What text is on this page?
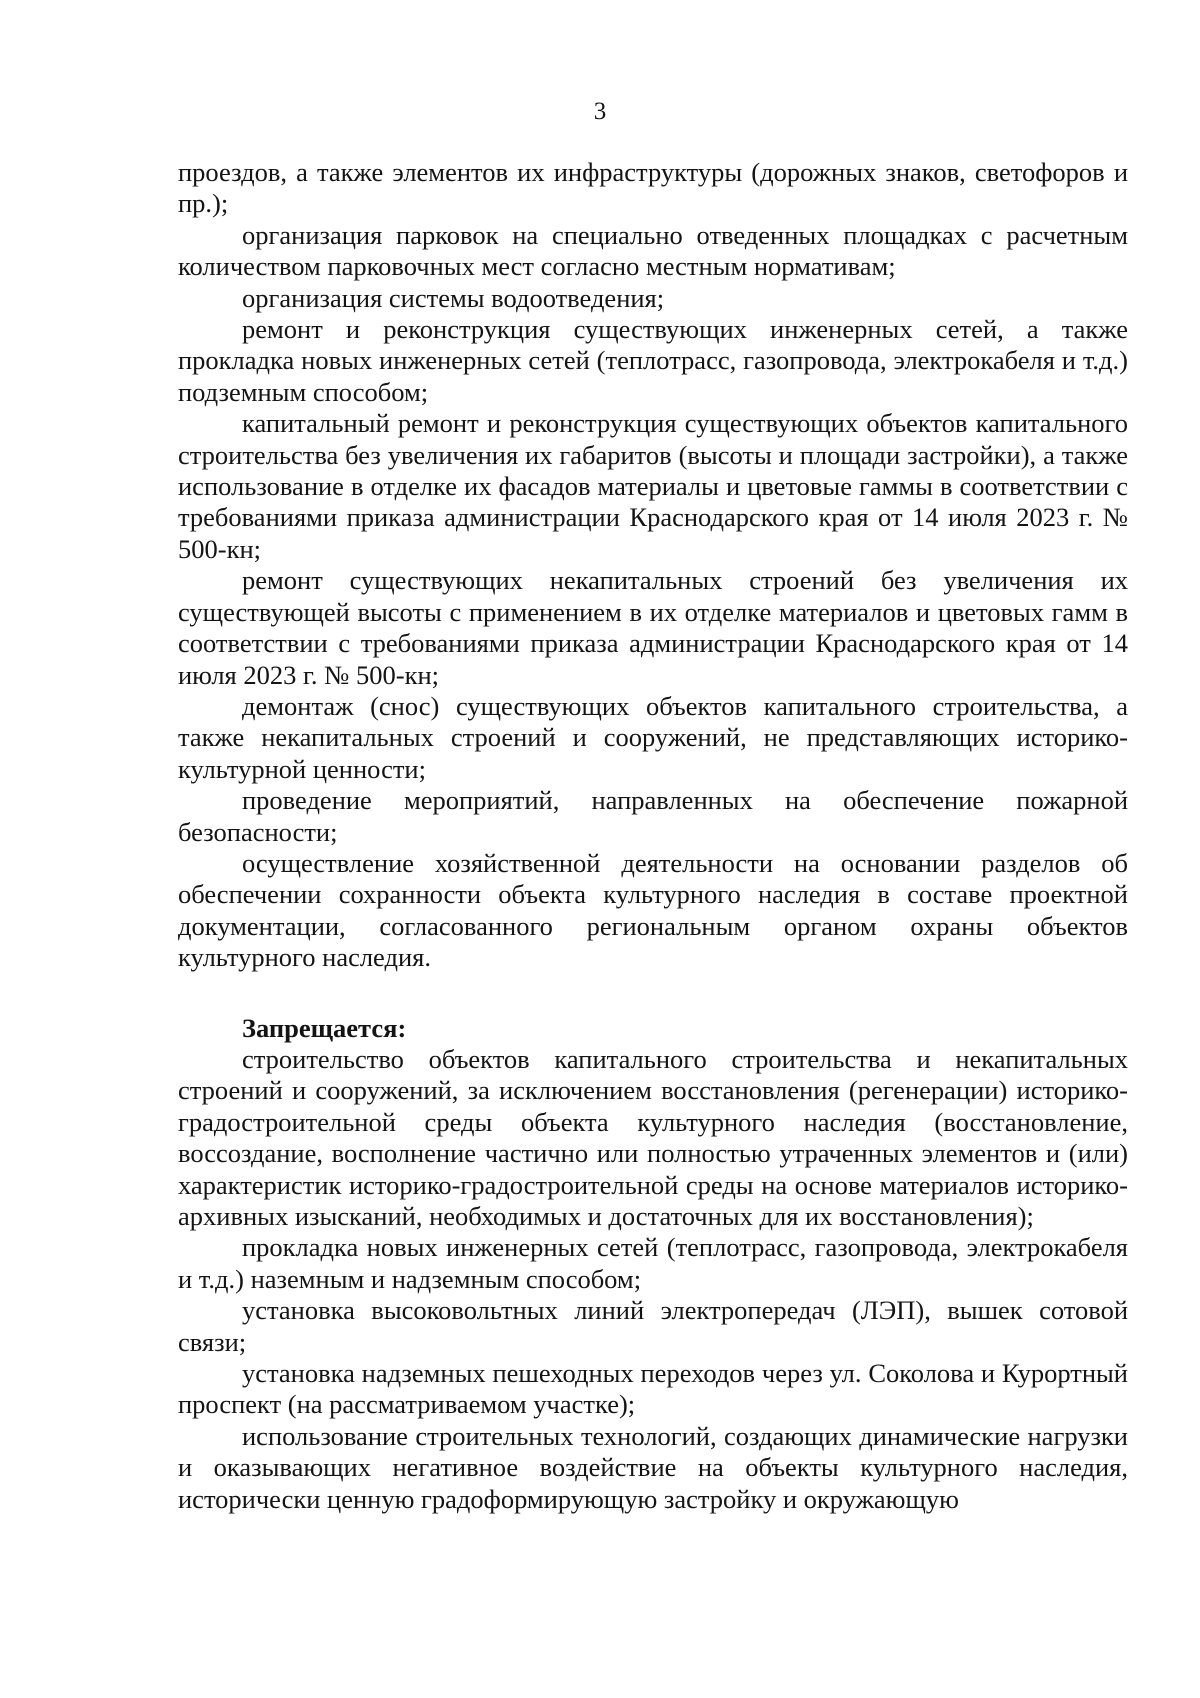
3

проездов, а также элементов их инфраструктуры (дорожных знаков, светофоров и пр.);

организация парковок на специально отведенных площадках с расчетным количеством парковочных мест согласно местным нормативам;

организация системы водоотведения;

ремонт и реконструкция существующих инженерных сетей, а также прокладка новых инженерных сетей (теплотрасс, газопровода, электрокабеля и т.д.) подземным способом;

капитальный ремонт и реконструкция существующих объектов капитального строительства без увеличения их габаритов (высоты и площади застройки), а также использование в отделке их фасадов материалы и цветовые гаммы в соответствии с требованиями приказа администрации Краснодарского края от 14 июля 2023 г. № 500-кн;

ремонт существующих некапитальных строений без увеличения их существующей высоты с применением в их отделке материалов и цветовых гамм в соответствии с требованиями приказа администрации Краснодарского края от 14 июля 2023 г. № 500-кн;

демонтаж (снос) существующих объектов капитального строительства, а также некапитальных строений и сооружений, не представляющих историко-культурной ценности;

проведение мероприятий, направленных на обеспечение пожарной безопасности;

осуществление хозяйственной деятельности на основании разделов об обеспечении сохранности объекта культурного наследия в составе проектной документации, согласованного региональным органом охраны объектов культурного наследия.

Запрещается:

строительство объектов капитального строительства и некапитальных строений и сооружений, за исключением восстановления (регенерации) историко-градостроительной среды объекта культурного наследия (восстановление, воссоздание, восполнение частично или полностью утраченных элементов и (или) характеристик историко-градостроительной среды на основе материалов историко-архивных изысканий, необходимых и достаточных для их восстановления);

прокладка новых инженерных сетей (теплотрасс, газопровода, электрокабеля и т.д.) наземным и надземным способом;

установка высоковольтных линий электропередач (ЛЭП), вышек сотовой связи;

установка надземных пешеходных переходов через ул. Соколова и Курортный проспект (на рассматриваемом участке);

использование строительных технологий, создающих динамические нагрузки и оказывающих негативное воздействие на объекты культурного наследия, исторически ценную градоформирующую застройку и окружающую
